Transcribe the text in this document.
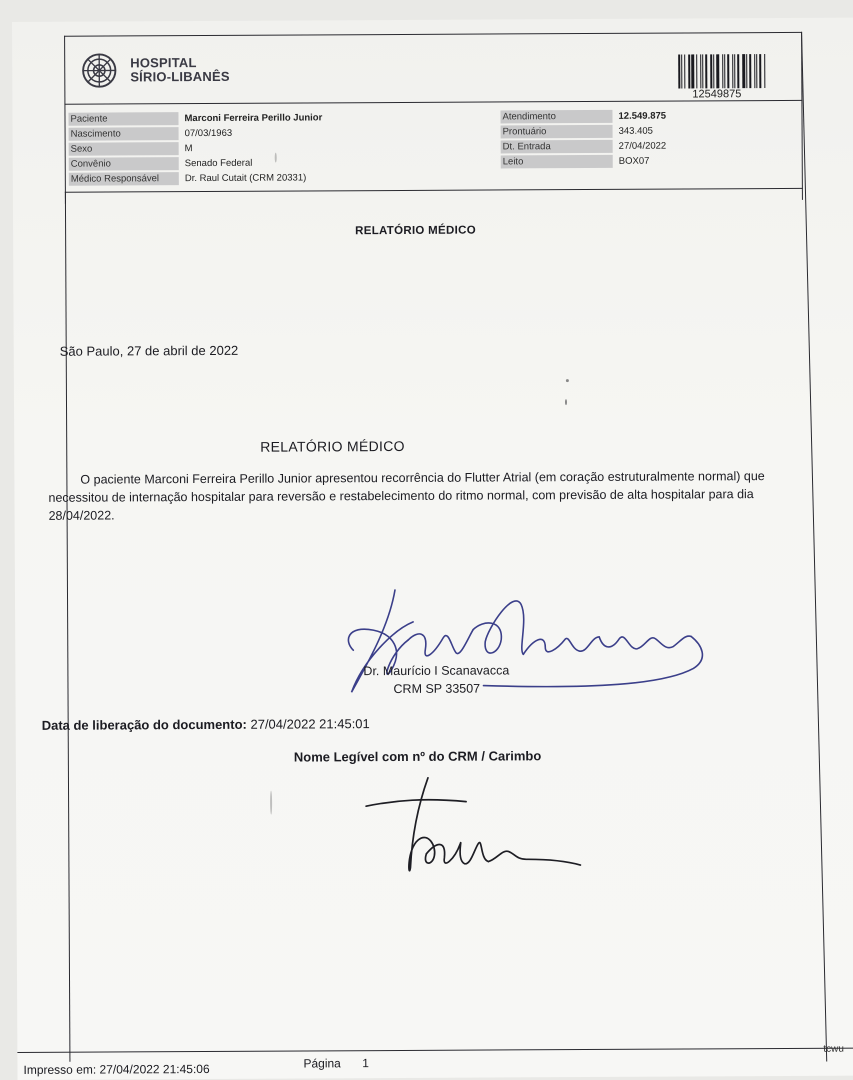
HOSPITAL
SÍRIO-LIBANÊS
12549875
Paciente	Marconi Ferreira Perillo Junior
Nascimento	07/03/1963
Sexo	M
Convênio	Senado Federal
Médico Responsável	Dr. Raul Cutait (CRM 20331)
Atendimento	12.549.875
Prontuário	343.405
Dt. Entrada	27/04/2022
Leito	BOX07
RELATÓRIO MÉDICO
São Paulo, 27 de abril de 2022
RELATÓRIO MÉDICO
O paciente Marconi Ferreira Perillo Junior apresentou recorrência do Flutter Atrial (em coração estruturalmente normal) que necessitou de internação hospitalar para reversão e restabelecimento do ritmo normal, com previsão de alta hospitalar para dia 28/04/2022.
Dr. Maurício I Scanavacca
CRM SP 33507
Data de liberação do documento: 27/04/2022 21:45:01
Nome Legível com nº do CRM / Carimbo
Impresso em: 27/04/2022 21:45:06	Página 1
tcwu
